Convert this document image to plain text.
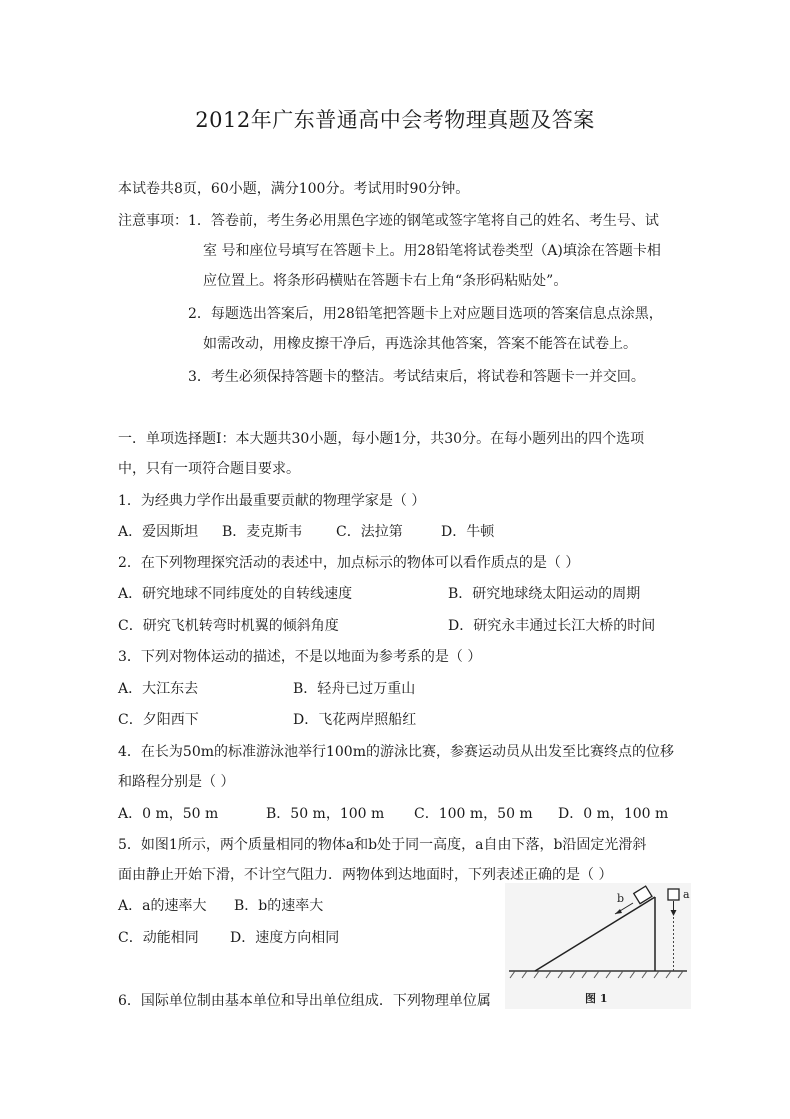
2012年广东普通高中会考物理真题及答案
本试卷共8页，60小题，满分100分。考试用时90分钟。
注意事项： 1．答卷前，考生务必用黑色字迹的钢笔或签字笔将自己的姓名、考生号、试
室 号和座位号填写在答题卡上。用28铅笔将试卷类型（A)填涂在答题卡相
应位置上。将条形码横贴在答题卡右上角“条形码粘贴处”。
2．每题选出答案后，用28铅笔把答题卡上对应题目选项的答案信息点涂黑，
如需改动，用橡皮擦干净后，再选涂其他答案，答案不能答在试卷上。
3．考生必须保持答题卡的整洁。考试结束后，将试卷和答题卡一并交回。
一．单项选择题Ⅰ：本大题共30小题，每小题1分，共30分。在每小题列出的四个选项
中，只有一项符合题目要求。
1．为经典力学作出最重要贡献的物理学家是（ ）
A．爱因斯坦 B．麦克斯韦 C．法拉第	D．牛顿
2．在下列物理探究活动的表述中，加点标示的物体可以看作质点的是（ ）
A．研究地球不同纬度处的自转线速度	B．研究地球绕太阳运动的周期
C．研究飞机转弯时机翼的倾斜角度	D．研究永丰通过长江大桥的时间
3．下列对物体运动的描述，不是以地面为参考系的是（ ）
A．大江东去	B．轻舟已过万重山
C．夕阳西下	D．飞花两岸照船红
4．在长为50m的标准游泳池举行100m的游泳比赛，参赛运动员从出发至比赛终点的位移
和路程分别是（ ）
A．0 m，50 m	B．50 m，100 m C．100 m，50 m D．0 m，100 m
5．如图1所示，两个质量相同的物体a和b处于同一高度，a自由下落，b沿固定光滑斜
面由静止开始下滑，不计空气阻力．两物体到达地面时，下列表述正确的是（ ）
A．a的速率大 B．b的速率大
C．动能相同 D．速度方向相同
b	a
图 1
6．国际单位制由基本单位和导出单位组成．下列物理单位属
